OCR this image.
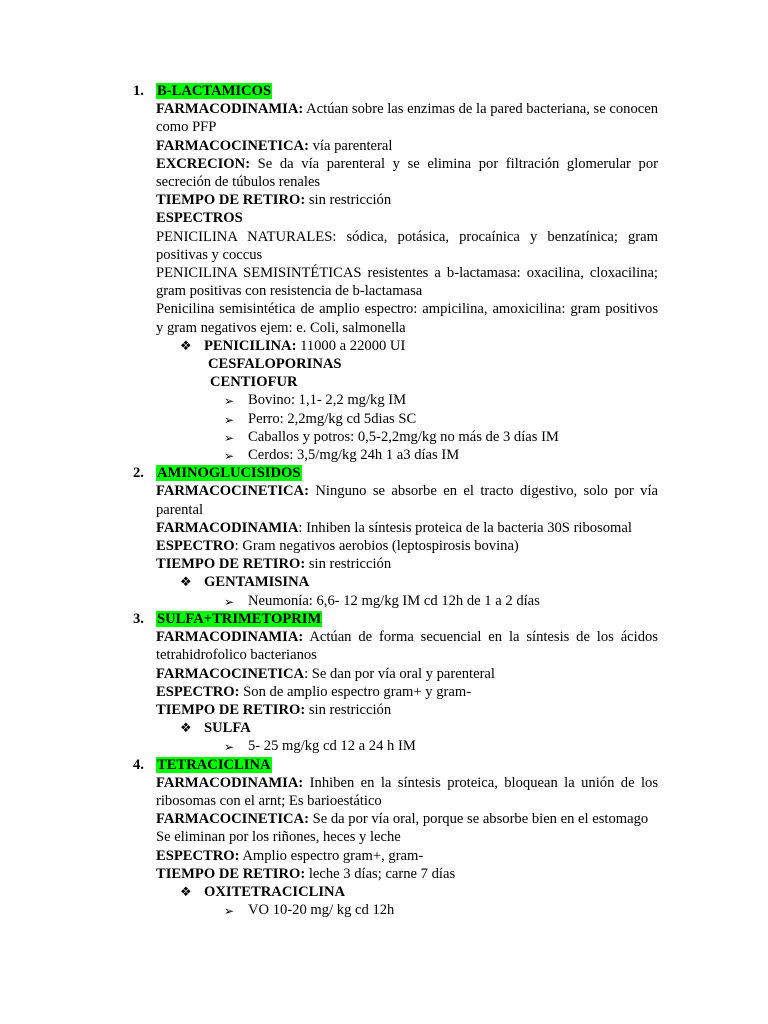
1. B-LACTAMICOS
FARMACODINAMIA: Actúan sobre las enzimas de la pared bacteriana, se conocen como PFP
FARMACOCINETICA: vía parenteral
EXCRECION: Se da vía parenteral y se elimina por filtración glomerular por secreción de túbulos renales
TIEMPO DE RETIRO: sin restricción
ESPECTROS
PENICILINA NATURALES: sódica, potásica, procaínica y benzatínica; gram positivas y coccus
PENICILINA SEMISINTÉTICAS resistentes a b-lactamasa: oxacilina, cloxacilina; gram positivas con resistencia de b-lactamasa
Penicilina semisintética de amplio espectro: ampicilina, amoxicilina: gram positivos y gram negativos ejem: e. Coli, salmonella
❖ PENICILINA: 11000 a 22000 UI
CESFALOPORINAS
CENTIOFUR
➢ Bovino: 1,1- 2,2 mg/kg IM
➢ Perro: 2,2mg/kg cd 5dias SC
➢ Caballos y potros: 0,5-2,2mg/kg no más de 3 días IM
➢ Cerdos: 3,5/mg/kg 24h 1 a3 días IM
2. AMINOGLUCISIDOS
FARMACOCINETICA: Ninguno se absorbe en el tracto digestivo, solo por vía parental
FARMACODINAMIA: Inhiben la síntesis proteica de la bacteria 30S ribosomal
ESPECTRO: Gram negativos aerobios (leptospirosis bovina)
TIEMPO DE RETIRO: sin restricción
❖ GENTAMISINA
➢ Neumonía: 6,6- 12 mg/kg IM cd 12h de 1 a 2 días
3. SULFA+TRIMETOPRIM
FARMACODINAMIA: Actúan de forma secuencial en la síntesis de los ácidos tetrahidrofolico bacterianos
FARMACOCINETICA: Se dan por vía oral y parenteral
ESPECTRO: Son de amplio espectro gram+ y gram-
TIEMPO DE RETIRO: sin restricción
❖ SULFA
➢ 5- 25 mg/kg cd 12 a 24 h IM
4. TETRACICLINA
FARMACODINAMIA: Inhiben en la síntesis proteica, bloquean la unión de los ribosomas con el arnt; Es barioestático
FARMACOCINETICA: Se da por vía oral, porque se absorbe bien en el estomago
Se eliminan por los riñones, heces y leche
ESPECTRO: Amplio espectro gram+, gram-
TIEMPO DE RETIRO: leche 3 días; carne 7 días
❖ OXITETRACICLINA
➢ VO 10-20 mg/ kg cd 12h
